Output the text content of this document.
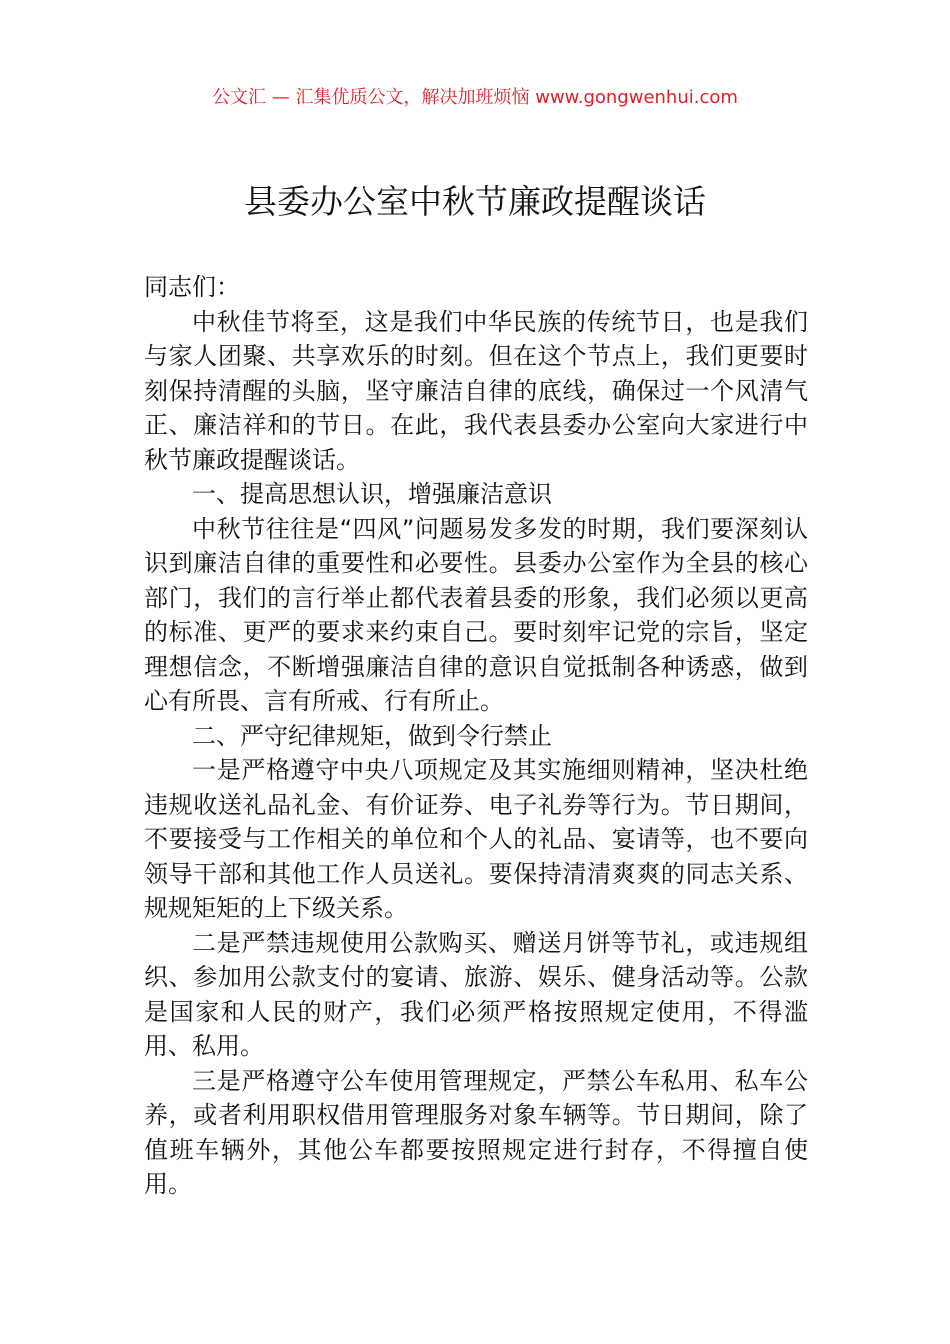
公文汇 — 汇集优质公文，解决加班烦恼 www.gongwenhui.com
县委办公室中秋节廉政提醒谈话

同志们：

中秋佳节将至，这是我们中华民族的传统节日，也是我们与家人团聚、共享欢乐的时刻。但在这个节点上，我们更要时刻保持清醒的头脑，坚守廉洁自律的底线，确保过一个风清气正、廉洁祥和的节日。在此，我代表县委办公室向大家进行中秋节廉政提醒谈话。

一、提高思想认识，增强廉洁意识

中秋节往往是“四风”问题易发多发的时期，我们要深刻认识到廉洁自律的重要性和必要性。县委办公室作为全县的核心部门，我们的言行举止都代表着县委的形象，我们必须以更高的标准、更严的要求来约束自己。要时刻牢记党的宗旨，坚定理想信念，不断增强廉洁自律的意识自觉抵制各种诱惑，做到心有所畏、言有所戒、行有所止。

二、严守纪律规矩，做到令行禁止

一是严格遵守中央八项规定及其实施细则精神，坚决杜绝违规收送礼品礼金、有价证券、电子礼券等行为。节日期间，不要接受与工作相关的单位和个人的礼品、宴请等，也不要向领导干部和其他工作人员送礼。要保持清清爽爽的同志关系、规规矩矩的上下级关系。

二是严禁违规使用公款购买、赠送月饼等节礼，或违规组织、参加用公款支付的宴请、旅游、娱乐、健身活动等。公款是国家和人民的财产，我们必须严格按照规定使用，不得滥用、私用。

三是严格遵守公车使用管理规定，严禁公车私用、私车公养，或者利用职权借用管理服务对象车辆等。节日期间，除了值班车辆外，其他公车都要按照规定进行封存，不得擅自使用。
